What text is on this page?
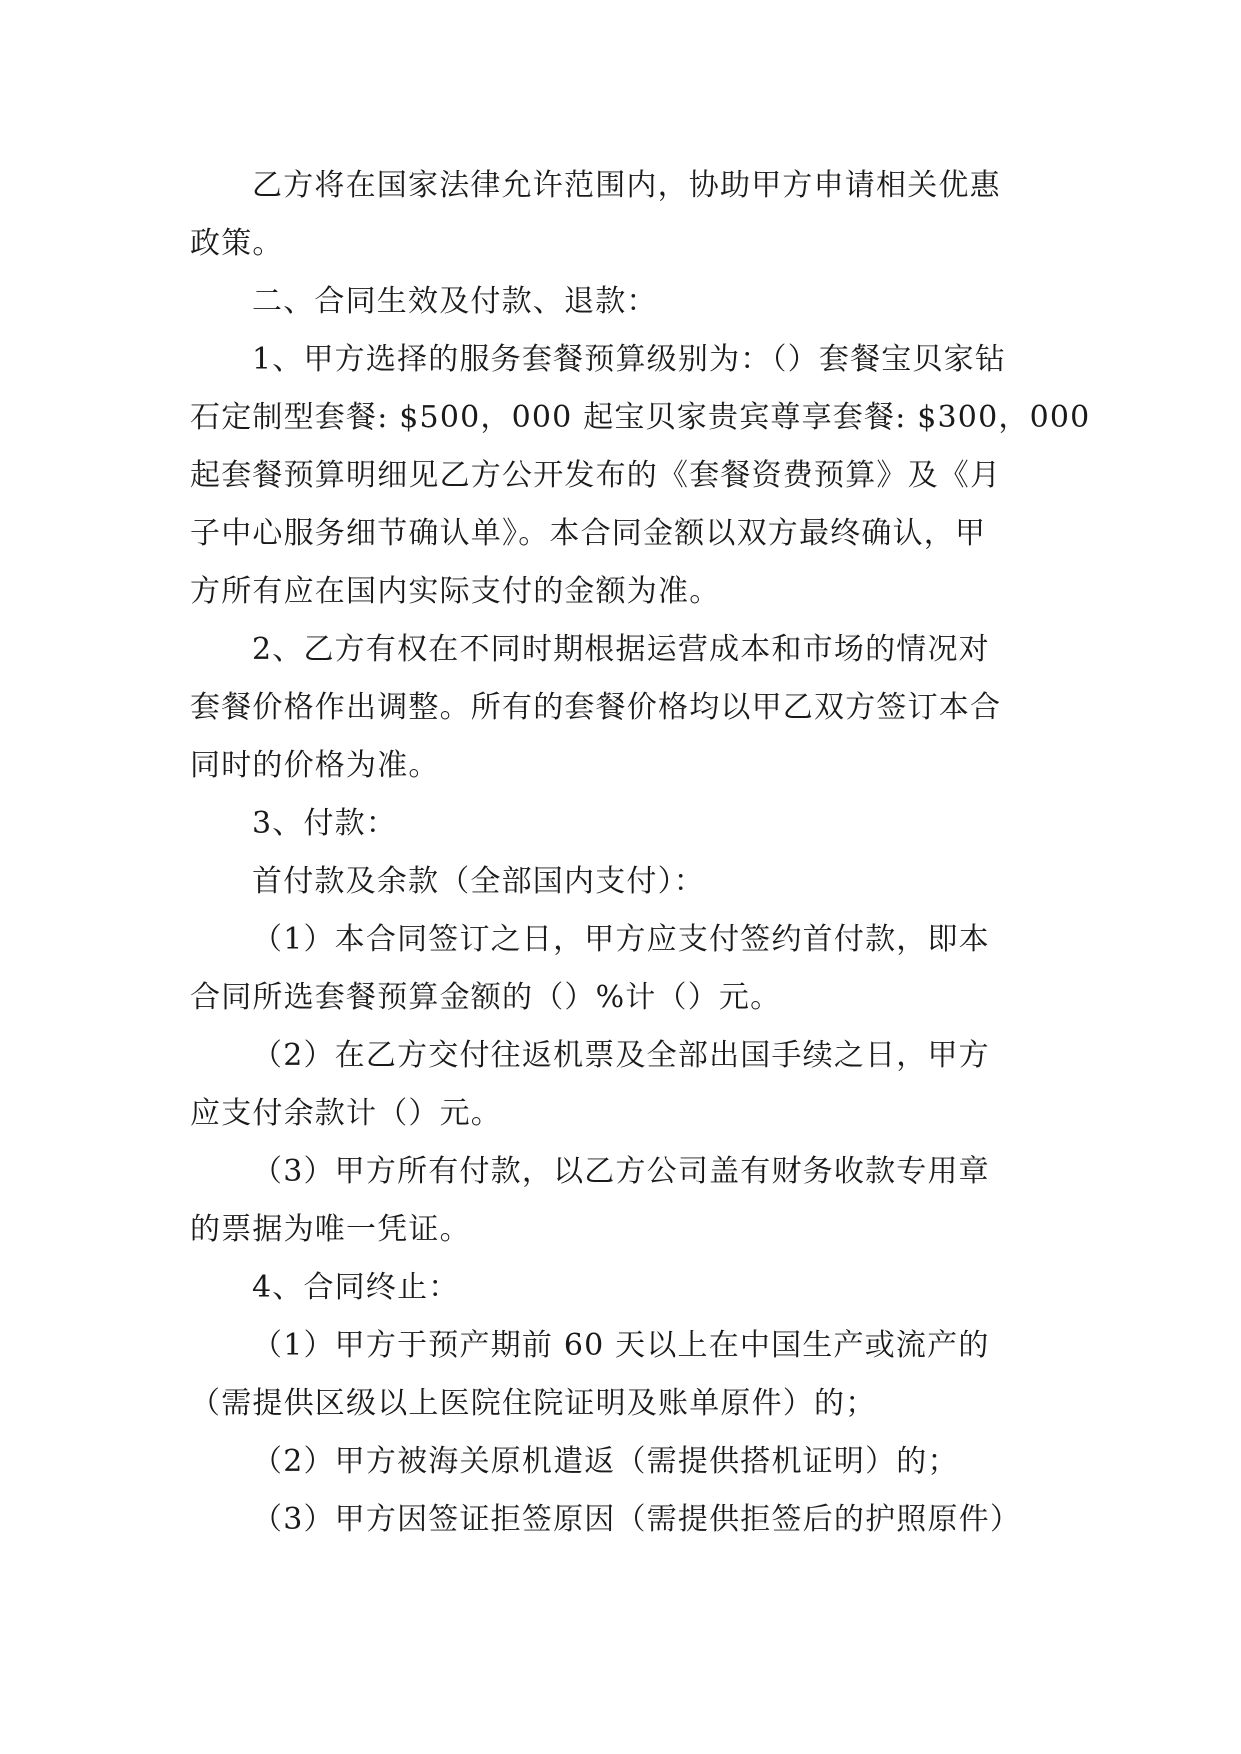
乙方将在国家法律允许范围内，协助甲方申请相关优惠
政策。

二、合同生效及付款、退款：

1、甲方选择的服务套餐预算级别为：（）套餐宝贝家钻
石定制型套餐: $500，000 起宝贝家贵宾尊享套餐: $300，000
起套餐预算明细见乙方公开发布的《套餐资费预算》及《月
子中心服务细节确认单》。本合同金额以双方最终确认，甲
方所有应在国内实际支付的金额为准。

2、乙方有权在不同时期根据运营成本和市场的情况对
套餐价格作出调整。所有的套餐价格均以甲乙双方签订本合
同时的价格为准。

3、付款：

首付款及余款（全部国内支付）：

（1）本合同签订之日，甲方应支付签约首付款，即本
合同所选套餐预算金额的（）%计（）元。

（2）在乙方交付往返机票及全部出国手续之日，甲方
应支付余款计（）元。

（3）甲方所有付款，以乙方公司盖有财务收款专用章
的票据为唯一凭证。

4、合同终止：

（1）甲方于预产期前 60 天以上在中国生产或流产的
（需提供区级以上医院住院证明及账单原件）的；

（2）甲方被海关原机遣返（需提供搭机证明）的；

（3）甲方因签证拒签原因（需提供拒签后的护照原件）
